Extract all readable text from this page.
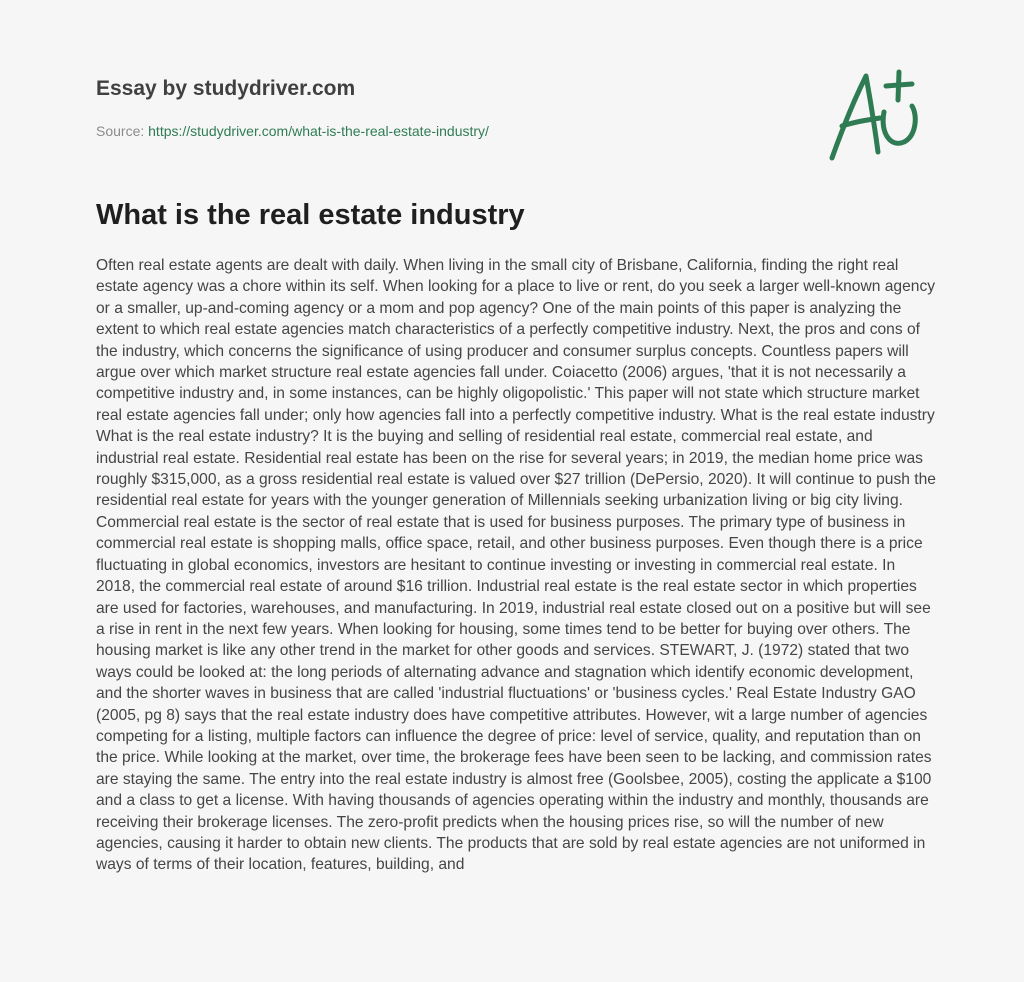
Essay by studydriver.com
Source: https://studydriver.com/what-is-the-real-estate-industry/
What is the real estate industry

Often real estate agents are dealt with daily. When living in the small city of Brisbane, California, finding the right real estate agency was a chore within its self. When looking for a place to live or rent, do you seek a larger well-known agency or a smaller, up-and-coming agency or a mom and pop agency? One of the main points of this paper is analyzing the extent to which real estate agencies match characteristics of a perfectly competitive industry. Next, the pros and cons of the industry, which concerns the significance of using producer and consumer surplus concepts. Countless papers will argue over which market structure real estate agencies fall under. Coiacetto (2006) argues, 'that it is not necessarily a competitive industry and, in some instances, can be highly oligopolistic.' This paper will not state which structure market real estate agencies fall under; only how agencies fall into a perfectly competitive industry. What is the real estate industry What is the real estate industry? It is the buying and selling of residential real estate, commercial real estate, and industrial real estate. Residential real estate has been on the rise for several years; in 2019, the median home price was roughly $315,000, as a gross residential real estate is valued over $27 trillion (DePersio, 2020). It will continue to push the residential real estate for years with the younger generation of Millennials seeking urbanization living or big city living. Commercial real estate is the sector of real estate that is used for business purposes. The primary type of business in commercial real estate is shopping malls, office space, retail, and other business purposes. Even though there is a price fluctuating in global economics, investors are hesitant to continue investing or investing in commercial real estate. In 2018, the commercial real estate of around $16 trillion. Industrial real estate is the real estate sector in which properties are used for factories, warehouses, and manufacturing. In 2019, industrial real estate closed out on a positive but will see a rise in rent in the next few years. When looking for housing, some times tend to be better for buying over others. The housing market is like any other trend in the market for other goods and services. STEWART, J. (1972) stated that two ways could be looked at: the long periods of alternating advance and stagnation which identify economic development, and the shorter waves in business that are called 'industrial fluctuations' or 'business cycles.' Real Estate Industry GAO (2005, pg 8) says that the real estate industry does have competitive attributes. However, wit a large number of agencies competing for a listing, multiple factors can influence the degree of price: level of service, quality, and reputation than on the price. While looking at the market, over time, the brokerage fees have been seen to be lacking, and commission rates are staying the same. The entry into the real estate industry is almost free (Goolsbee, 2005), costing the applicate a $100 and a class to get a license. With having thousands of agencies operating within the industry and monthly, thousands are receiving their brokerage licenses. The zero-profit predicts when the housing prices rise, so will the number of new agencies, causing it harder to obtain new clients. The products that are sold by real estate agencies are not uniformed in ways of terms of their location, features, building, and
